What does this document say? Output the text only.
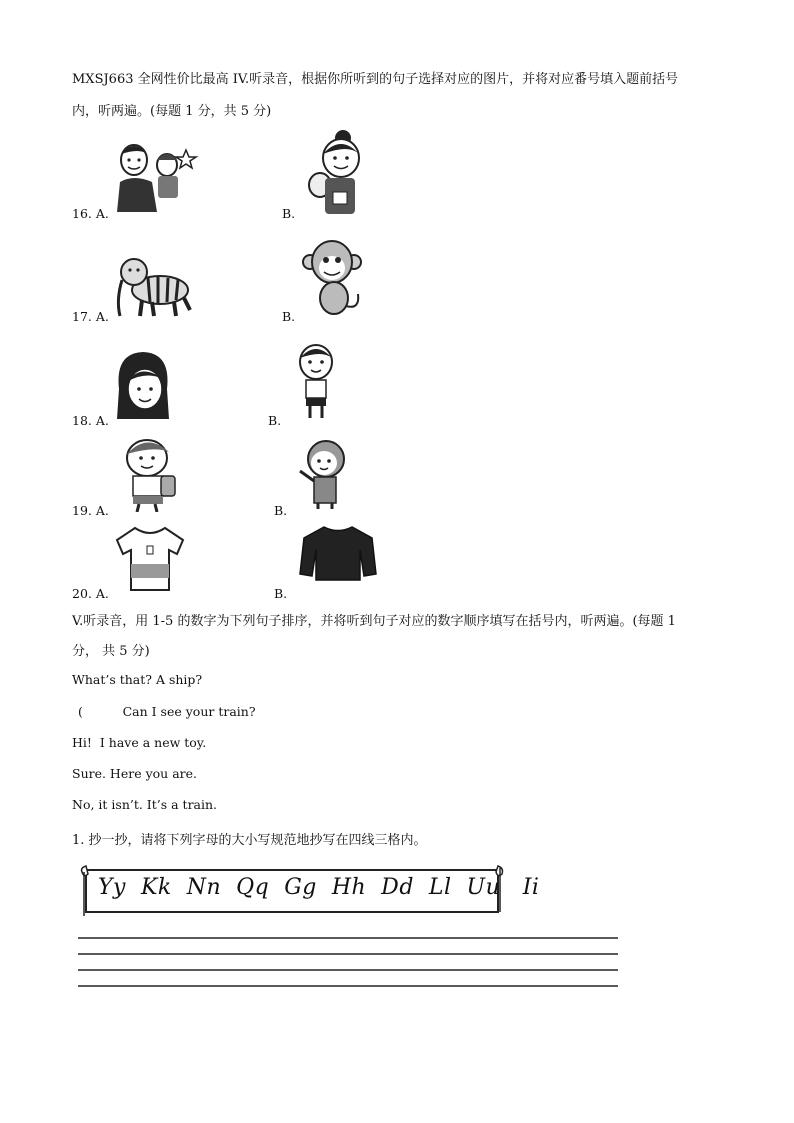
MXSJ663 全网性价比最高 IV.听录音，根据你所听到的句子选择对应的图片，并将对应番号填入题前括号
内，听两遍。(每题 1 分，共 5 分)
16. A.	B.
17. A.	B.
18. A.	B.
19. A.	B.
20. A.	B.
V.听录音，用 1-5 的数字为下列句子排序，并将听到句子对应的数字顺序填写在括号内，听两遍。(每题 1
分， 共 5 分)
What’s that? A ship?
(          Can I see your train?
Hi!  I have a new toy.
Sure. Here you are.
No, it isn’t. It’s a train.
1. 抄一抄，请将下列字母的大小写规范地抄写在四线三格内。
Yy  Kk  Nn  Qq  Gg  Hh  Dd  Ll  Uu   Ii
